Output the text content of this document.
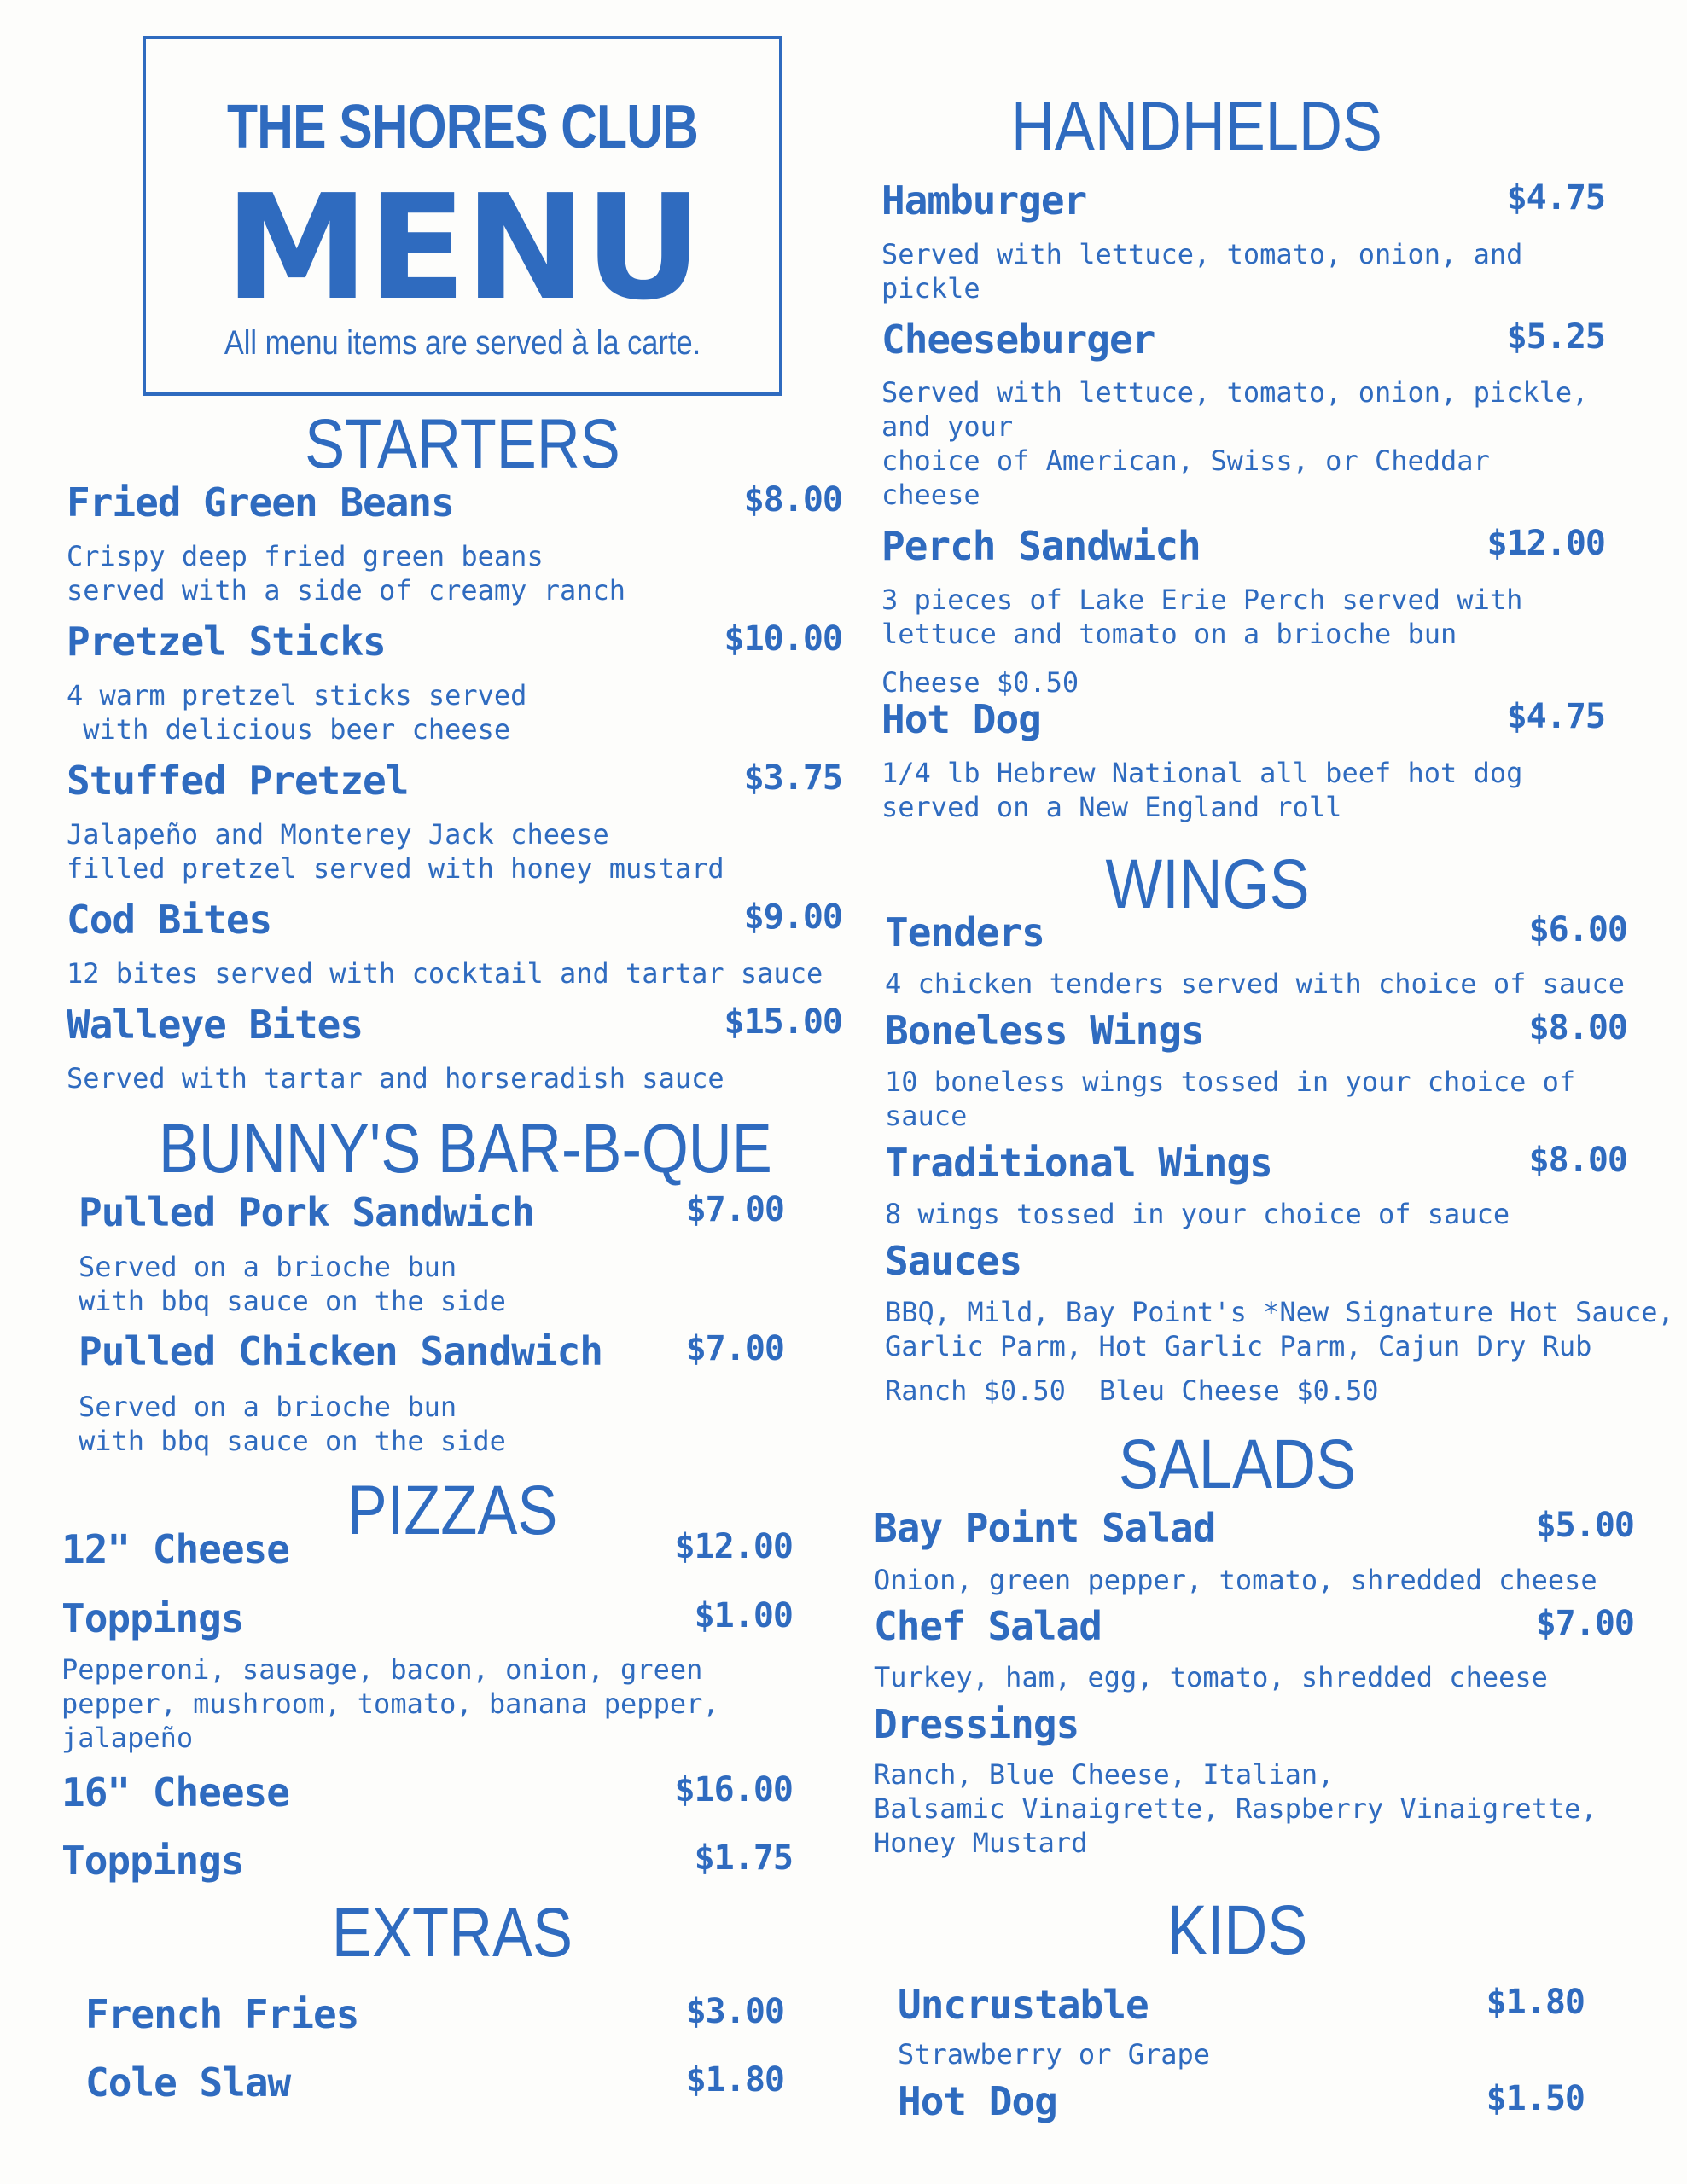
THE SHORES CLUB
MENU
All menu items are served à la carte.
STARTERS
Fried Green Beans	$8.00
Crispy deep fried green beans
served with a side of creamy ranch
Pretzel Sticks	$10.00
4 warm pretzel sticks served
with delicious beer cheese
Stuffed Pretzel	$3.75
Jalapeño and Monterey Jack cheese
filled pretzel served with honey mustard
Cod Bites	$9.00
12 bites served with cocktail and tartar sauce
Walleye Bites	$15.00
Served with tartar and horseradish sauce
BUNNY'S BAR-B-QUE
Pulled Pork Sandwich	$7.00
Served on a brioche bun
with bbq sauce on the side
Pulled Chicken Sandwich $7.00
Served on a brioche bun
with bbq sauce on the side
PIZZAS
12" Cheese	$12.00
Toppings	$1.00
Pepperoni, sausage, bacon, onion, green
pepper, mushroom, tomato, banana pepper,
jalapeño
16" Cheese	$16.00
Toppings	$1.75
EXTRAS
French Fries	$3.00
Cole Slaw	$1.80
HANDHELDS
Hamburger	$4.75
Served with lettuce, tomato, onion, and
pickle
Cheeseburger	$5.25
Served with lettuce, tomato, onion, pickle,
and your
choice of American, Swiss, or Cheddar
cheese
Perch Sandwich	$12.00
3 pieces of Lake Erie Perch served with
lettuce and tomato on a brioche bun
Cheese $0.50
Hot Dog	$4.75
1/4 lb Hebrew National all beef hot dog
served on a New England roll
WINGS
Tenders	$6.00
4 chicken tenders served with choice of sauce
Boneless Wings	$8.00
10 boneless wings tossed in your choice of
sauce
Traditional Wings	$8.00
8 wings tossed in your choice of sauce
Sauces
BBQ, Mild, Bay Point's *New Signature Hot Sauce,
Garlic Parm, Hot Garlic Parm, Cajun Dry Rub
Ranch $0.50 Bleu Cheese $0.50
SALADS
Bay Point Salad	$5.00
Onion, green pepper, tomato, shredded cheese
Chef Salad	$7.00
Turkey, ham, egg, tomato, shredded cheese
Dressings
Ranch, Blue Cheese, Italian,
Balsamic Vinaigrette, Raspberry Vinaigrette,
Honey Mustard
KIDS
Uncrustable	$1.80
Strawberry or Grape
Hot Dog	$1.50
